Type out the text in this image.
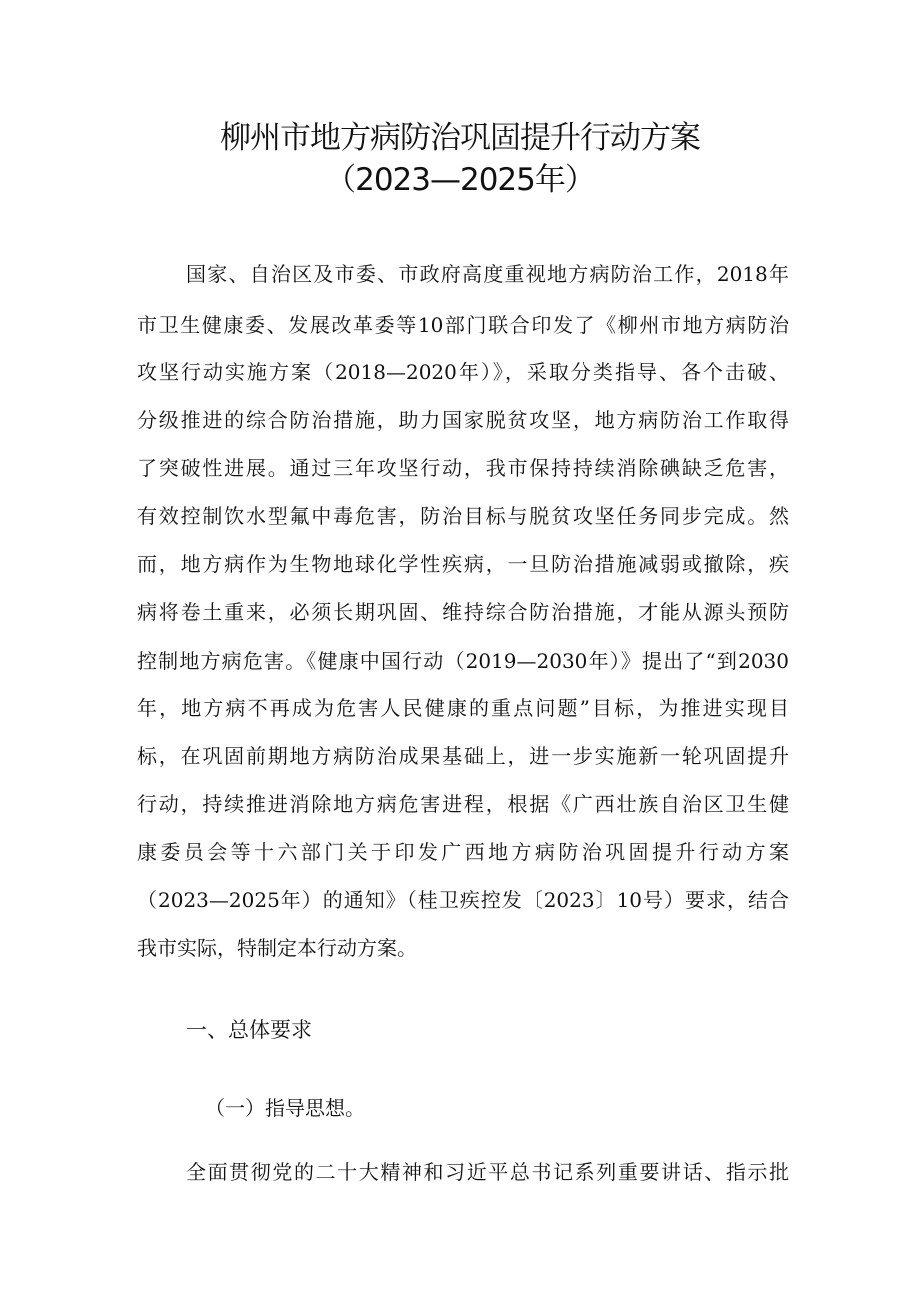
柳州市地方病防治巩固提升行动方案
（2023—2025年）
国家、自治区及市委、市政府高度重视地方病防治工作，2018年
市卫生健康委、发展改革委等10部门联合印发了《柳州市地方病防治
攻坚行动实施方案（2018—2020年）》，采取分类指导、各个击破、
分级推进的综合防治措施，助力国家脱贫攻坚，地方病防治工作取得
了突破性进展。通过三年攻坚行动，我市保持持续消除碘缺乏危害，
有效控制饮水型氟中毒危害，防治目标与脱贫攻坚任务同步完成。然
而，地方病作为生物地球化学性疾病，一旦防治措施减弱或撤除，疾
病将卷土重来，必须长期巩固、维持综合防治措施，才能从源头预防
控制地方病危害。《健康中国行动（2019—2030年）》提出了“到2030
年，地方病不再成为危害人民健康的重点问题”目标，为推进实现目
标，在巩固前期地方病防治成果基础上，进一步实施新一轮巩固提升
行动，持续推进消除地方病危害进程，根据《广西壮族自治区卫生健
康委员会等十六部门关于印发广西地方病防治巩固提升行动方案
（2023—2025年）的通知》（桂卫疾控发〔2023〕10号）要求，结合
我市实际，特制定本行动方案。
一、总体要求
（一）指导思想。
全面贯彻党的二十大精神和习近平总书记系列重要讲话、指示批
